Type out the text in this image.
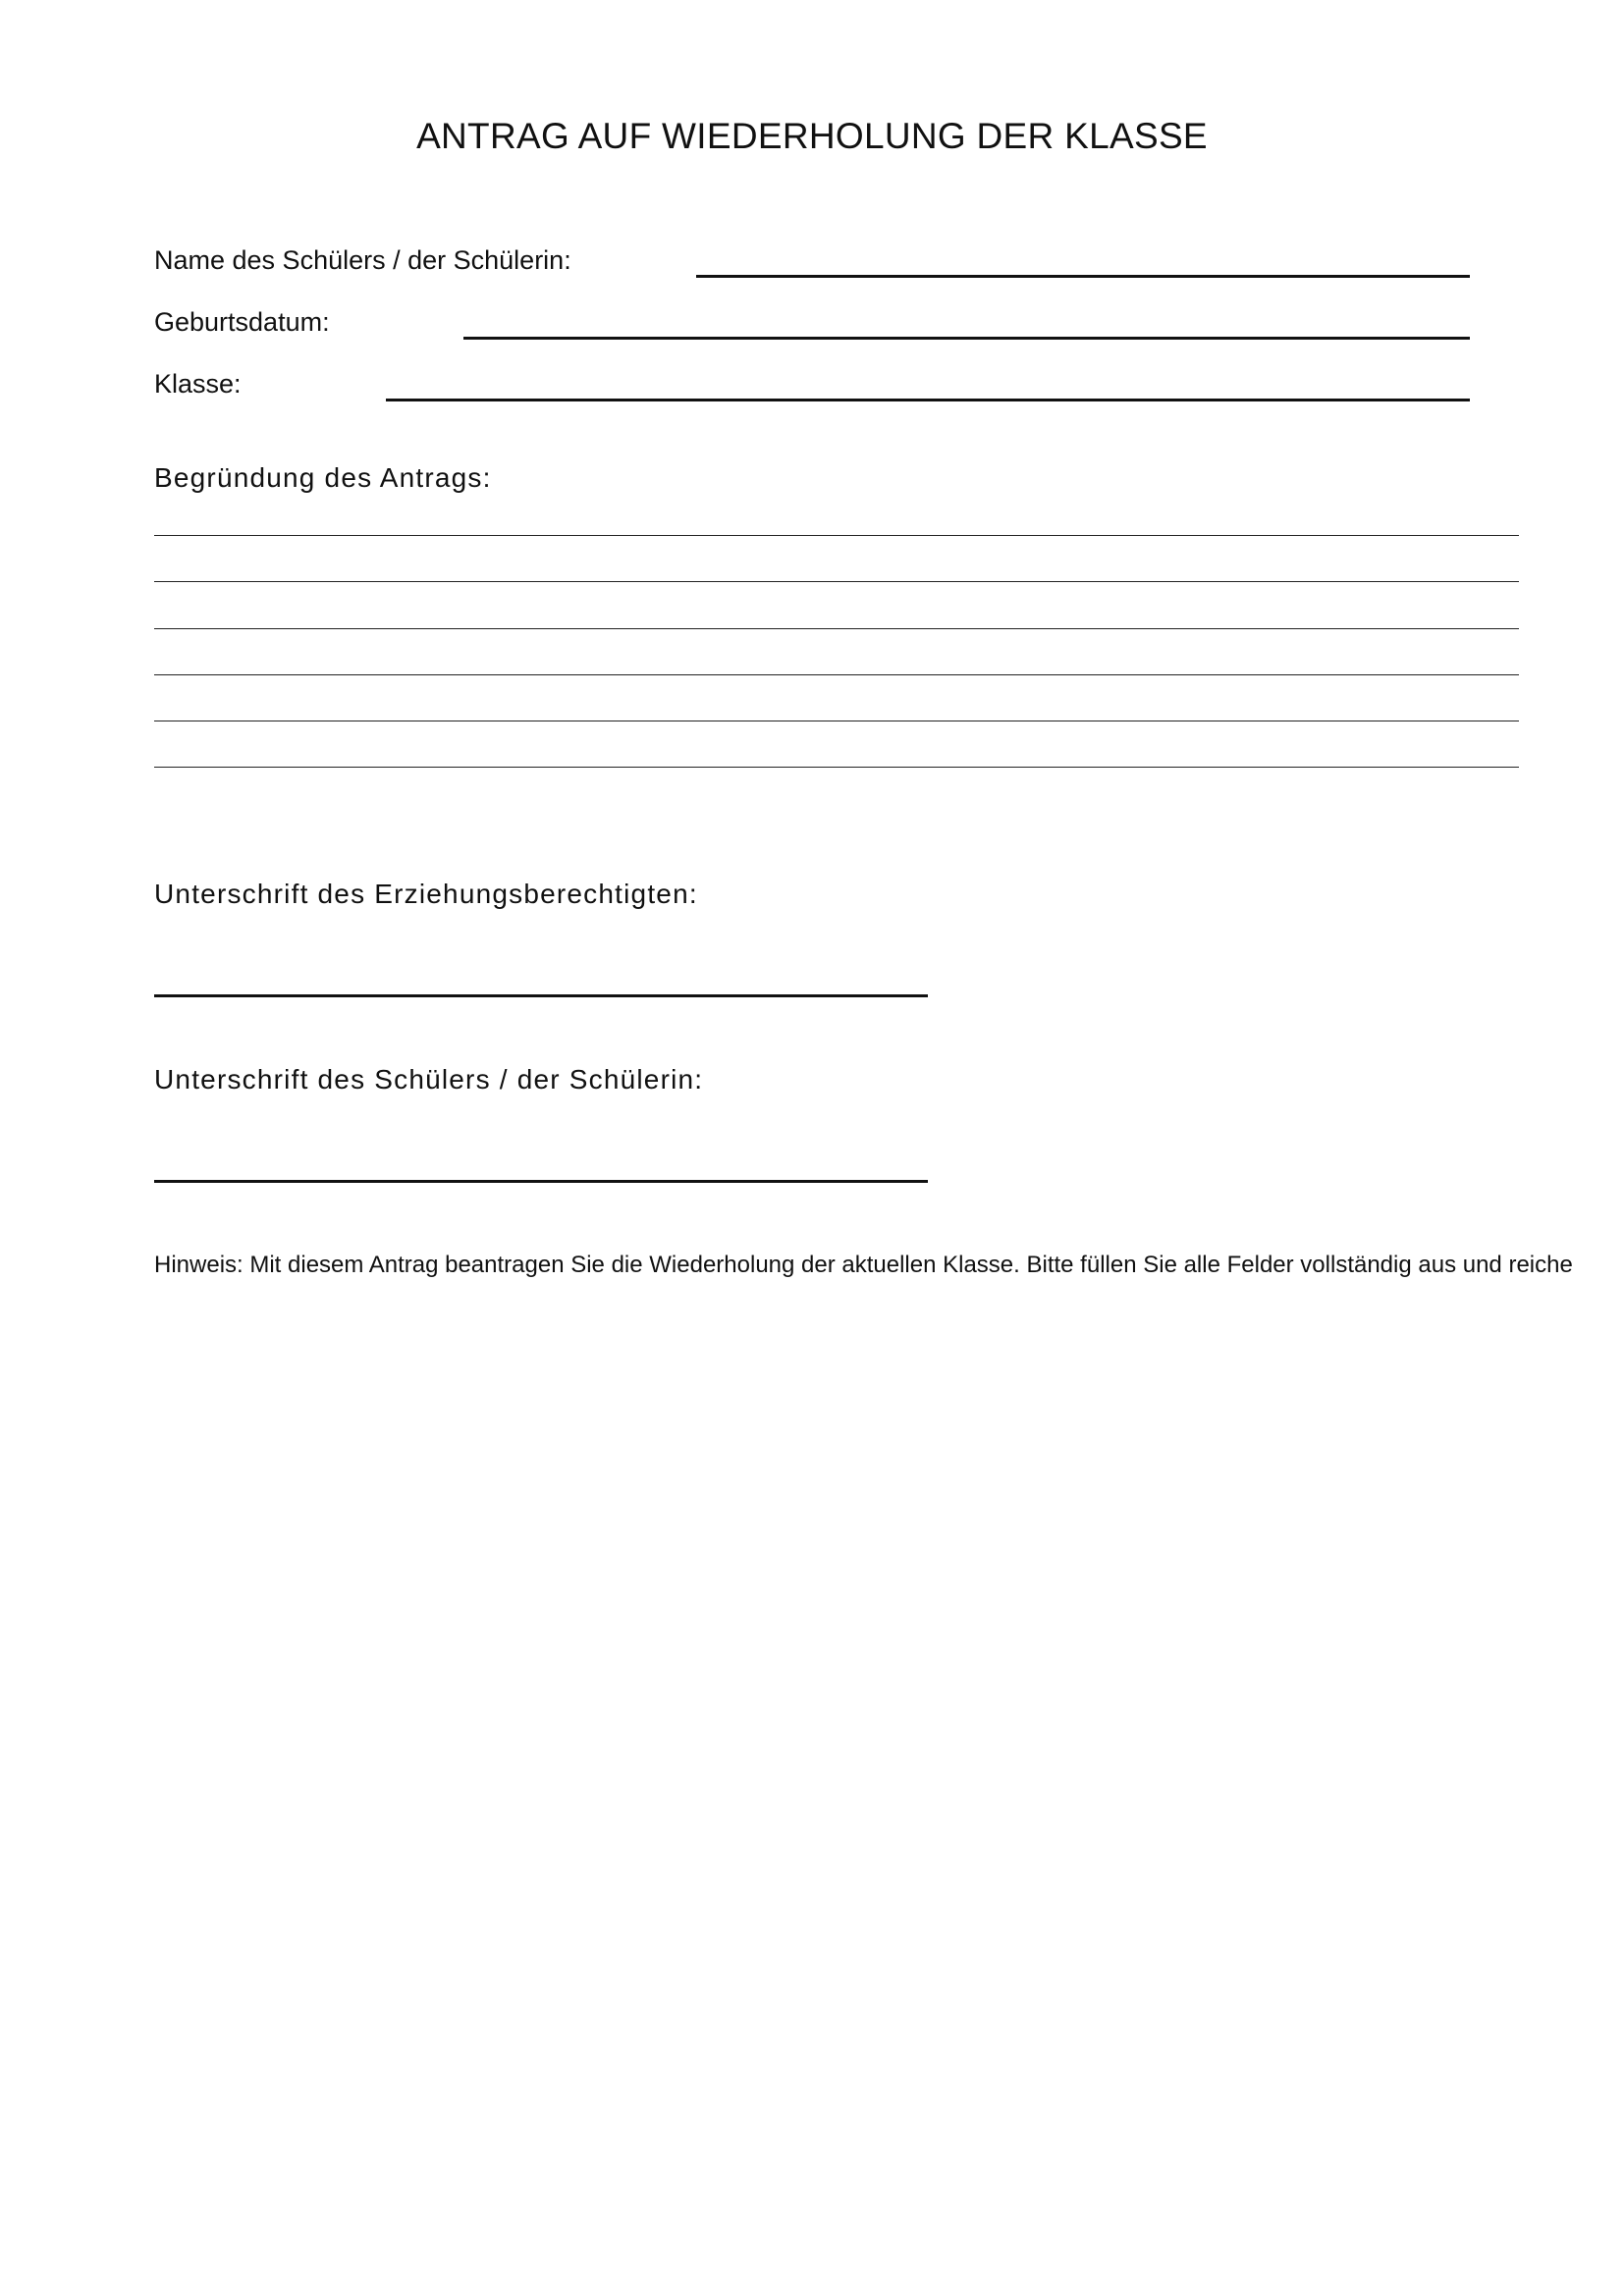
ANTRAG AUF WIEDERHOLUNG DER KLASSE
Name des Schülers / der Schülerin:
Geburtsdatum:
Klasse:
Begründung des Antrags:
Unterschrift des Erziehungsberechtigten:
Unterschrift des Schülers / der Schülerin:
Hinweis: Mit diesem Antrag beantragen Sie die Wiederholung der aktuellen Klasse. Bitte füllen Sie alle Felder vollständig aus und reiche
